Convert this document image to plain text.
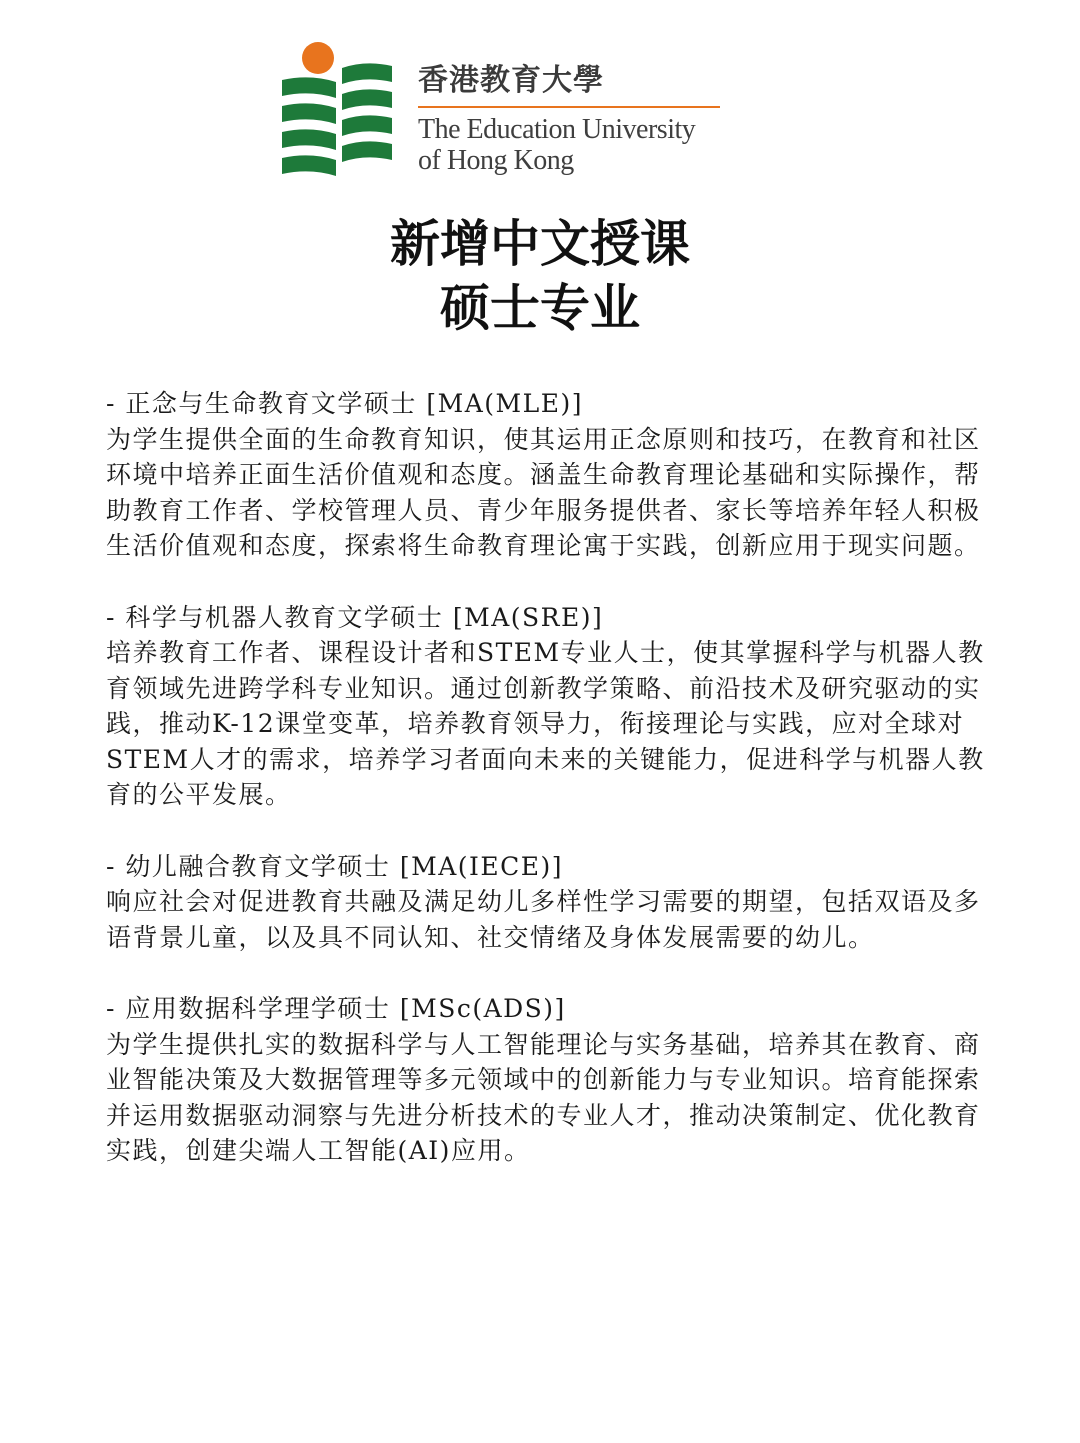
香港教育大學
The Education University
of Hong Kong
新增中文授课
硕士专业
- 正念与生命教育文学硕士 [MA(MLE)]
为学生提供全面的生命教育知识，使其运用正念原则和技巧，在教育和社区环境中培养正面生活价值观和态度。涵盖生命教育理论基础和实际操作，帮助教育工作者、学校管理人员、青少年服务提供者、家长等培养年轻人积极生活价值观和态度，探索将生命教育理论寓于实践，创新应用于现实问题。
- 科学与机器人教育文学硕士 [MA(SRE)]
培养教育工作者、课程设计者和STEM专业人士，使其掌握科学与机器人教育领域先进跨学科专业知识。通过创新教学策略、前沿技术及研究驱动的实践，推动K-12课堂变革，培养教育领导力，衔接理论与实践，应对全球对STEM人才的需求，培养学习者面向未来的关键能力，促进科学与机器人教育的公平发展。
- 幼儿融合教育文学硕士 [MA(IECE)]
响应社会对促进教育共融及满足幼儿多样性学习需要的期望，包括双语及多语背景儿童，以及具不同认知、社交情绪及身体发展需要的幼儿。
- 应用数据科学理学硕士 [MSc(ADS)]
为学生提供扎实的数据科学与人工智能理论与实务基础，培养其在教育、商业智能决策及大数据管理等多元领域中的创新能力与专业知识。培育能探索并运用数据驱动洞察与先进分析技术的专业人才，推动决策制定、优化教育实践，创建尖端人工智能(AI)应用。
